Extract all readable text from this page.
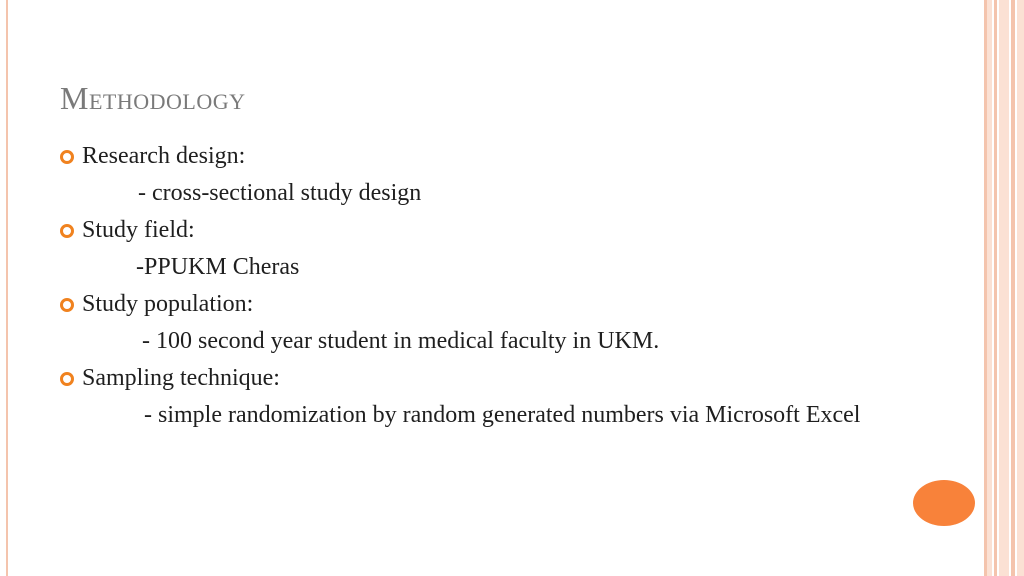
Methodology
Research design:
- cross-sectional study design
Study field:
-PPUKM Cheras
Study population:
- 100 second year student in medical faculty in UKM.
Sampling technique:
- simple randomization by random generated numbers via Microsoft Excel
